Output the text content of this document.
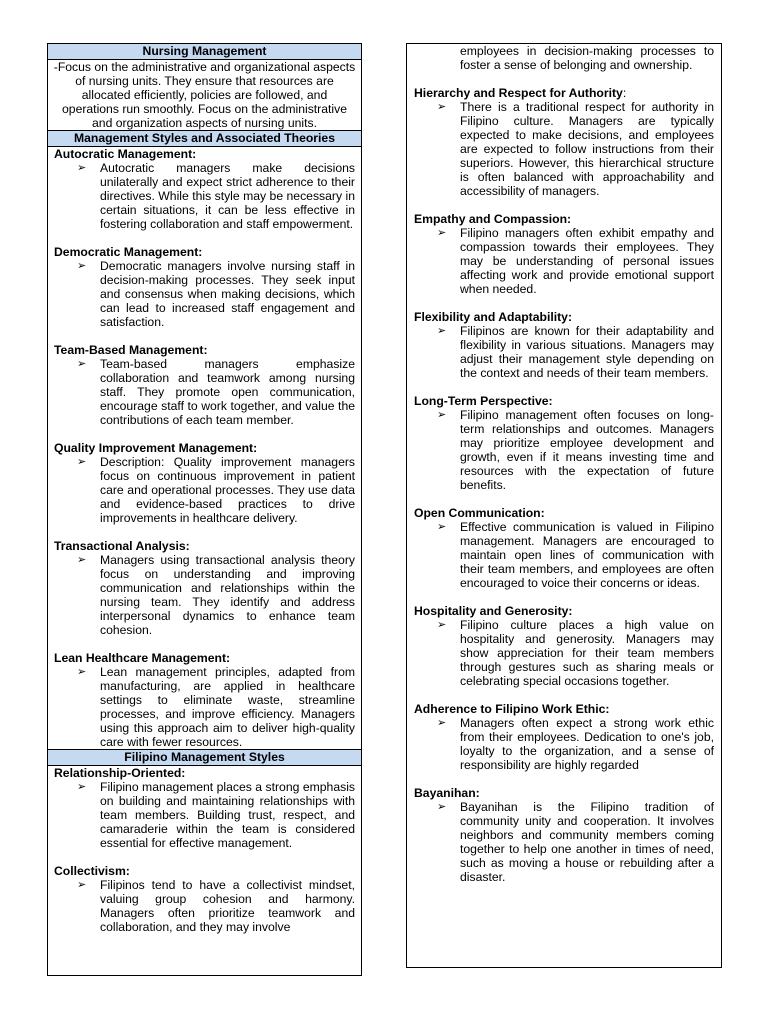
Nursing Management
-Focus on the administrative and organizational aspects of nursing units. They ensure that resources are allocated efficiently, policies are followed, and operations run smoothly. Focus on the administrative and organization aspects of nursing units.
Management Styles and Associated Theories

Autocratic Management:

➢	Autocratic managers make decisions unilaterally and expect strict adherence to their directives. While this style may be necessary in certain situations, it can be less effective in fostering collaboration and staff empowerment.

Democratic Management:

➢	Democratic managers involve nursing staff in decision-making processes. They seek input and consensus when making decisions, which can lead to increased staff engagement and satisfaction.

Team-Based Management:

➢	Team-based managers emphasize collaboration and teamwork among nursing staff. They promote open communication, encourage staff to work together, and value the contributions of each team member.

Quality Improvement Management:

➢	Description: Quality improvement managers focus on continuous improvement in patient care and operational processes. They use data and evidence-based practices to drive improvements in healthcare delivery.

Transactional Analysis:

➢	Managers using transactional analysis theory focus on understanding and improving communication and relationships within the nursing team. They identify and address interpersonal dynamics to enhance team cohesion.

Lean Healthcare Management:

➢	Lean management principles, adapted from manufacturing, are applied in healthcare settings to eliminate waste, streamline processes, and improve efficiency. Managers using this approach aim to deliver high-quality care with fewer resources.
Filipino Management Styles

Relationship-Oriented:

➢	Filipino management places a strong emphasis on building and maintaining relationships with team members. Building trust, respect, and camaraderie within the team is considered essential for effective management.

Collectivism:

➢	Filipinos tend to have a collectivist mindset, valuing group cohesion and harmony. Managers often prioritize teamwork and collaboration, and they may involve
employees in decision-making processes to foster a sense of belonging and ownership.

Hierarchy and Respect for Authority:

➢	There is a traditional respect for authority in Filipino culture. Managers are typically expected to make decisions, and employees are expected to follow instructions from their superiors. However, this hierarchical structure is often balanced with approachability and accessibility of managers.

Empathy and Compassion:

➢	Filipino managers often exhibit empathy and compassion towards their employees. They may be understanding of personal issues affecting work and provide emotional support when needed.

Flexibility and Adaptability:

➢	Filipinos are known for their adaptability and flexibility in various situations. Managers may adjust their management style depending on the context and needs of their team members.

Long-Term Perspective:

➢	Filipino management often focuses on long-term relationships and outcomes. Managers may prioritize employee development and growth, even if it means investing time and resources with the expectation of future benefits.

Open Communication:

➢	Effective communication is valued in Filipino management. Managers are encouraged to maintain open lines of communication with their team members, and employees are often encouraged to voice their concerns or ideas.

Hospitality and Generosity:

➢	Filipino culture places a high value on hospitality and generosity. Managers may show appreciation for their team members through gestures such as sharing meals or celebrating special occasions together.

Adherence to Filipino Work Ethic:

➢	Managers often expect a strong work ethic from their employees. Dedication to one's job, loyalty to the organization, and a sense of responsibility are highly regarded

Bayanihan:

➢	Bayanihan is the Filipino tradition of community unity and cooperation. It involves neighbors and community members coming together to help one another in times of need, such as moving a house or rebuilding after a disaster.
